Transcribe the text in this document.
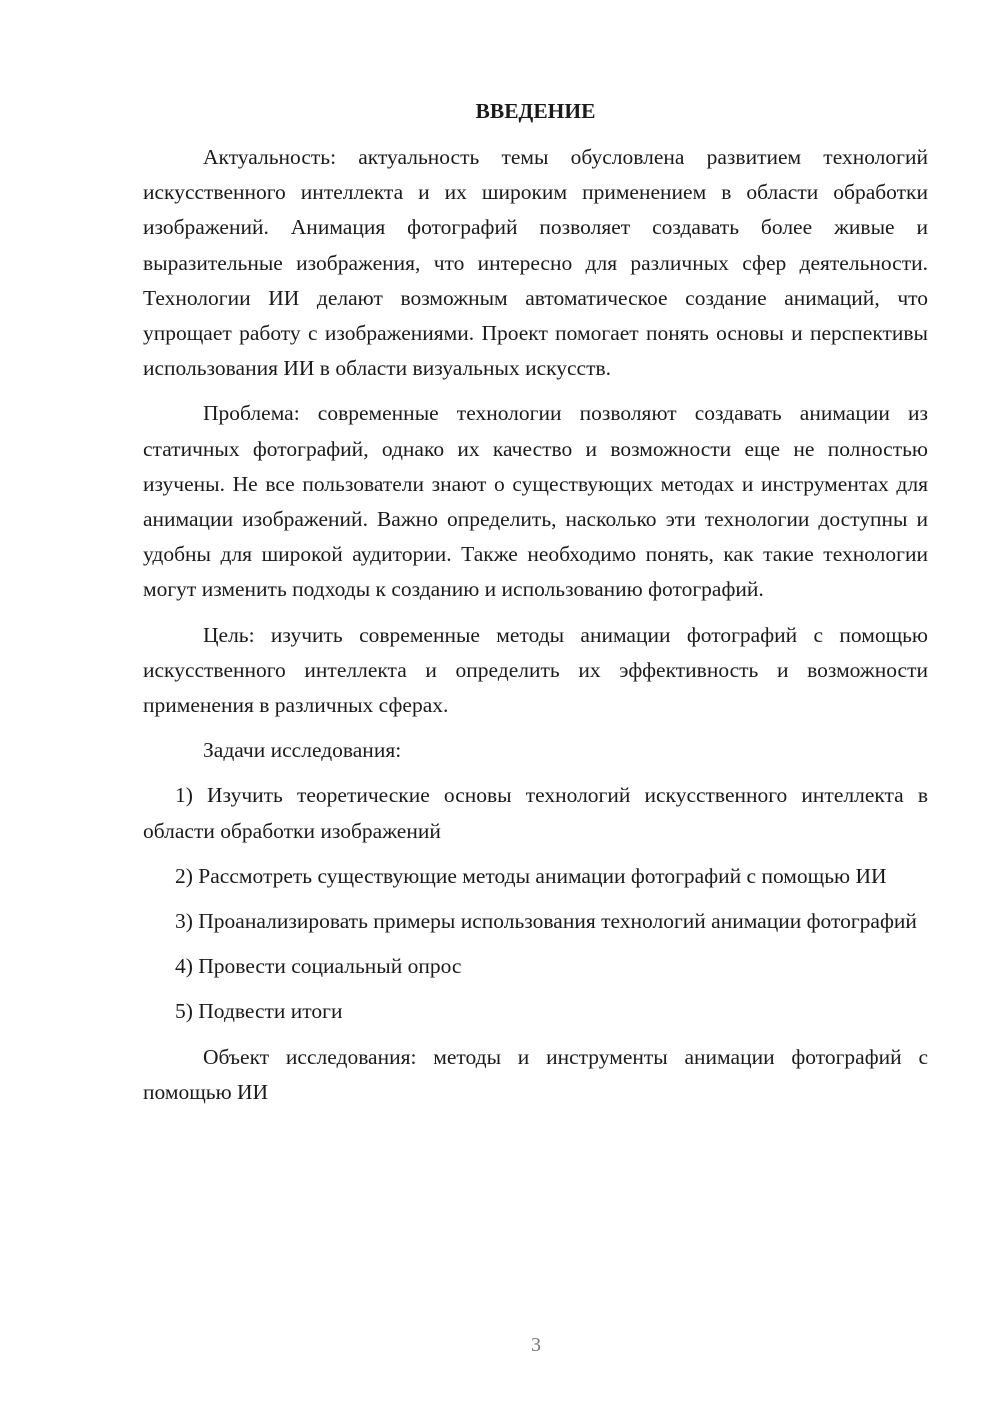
ВВЕДЕНИЕ

Актуальность: актуальность темы обусловлена развитием технологий искусственного интеллекта и их широким применением в области обработки изображений. Анимация фотографий позволяет создавать более живые и выразительные изображения, что интересно для различных сфер деятельности. Технологии ИИ делают возможным автоматическое создание анимаций, что упрощает работу с изображениями. Проект помогает понять основы и перспективы использования ИИ в области визуальных искусств.

Проблема: современные технологии позволяют создавать анимации из статичных фотографий, однако их качество и возможности еще не полностью изучены. Не все пользователи знают о существующих методах и инструментах для анимации изображений. Важно определить, насколько эти технологии доступны и удобны для широкой аудитории. Также необходимо понять, как такие технологии могут изменить подходы к созданию и использованию фотографий.

Цель: изучить современные методы анимации фотографий с помощью искусственного интеллекта и определить их эффективность и возможности применения в различных сферах.

Задачи исследования:

1) Изучить теоретические основы технологий искусственного интеллекта в области обработки изображений

2) Рассмотреть существующие методы анимации фотографий с помощью ИИ

3) Проанализировать примеры использования технологий анимации фотографий

4) Провести социальный опрос

5) Подвести итоги

Объект исследования: методы и инструменты анимации фотографий с помощью ИИ

3
